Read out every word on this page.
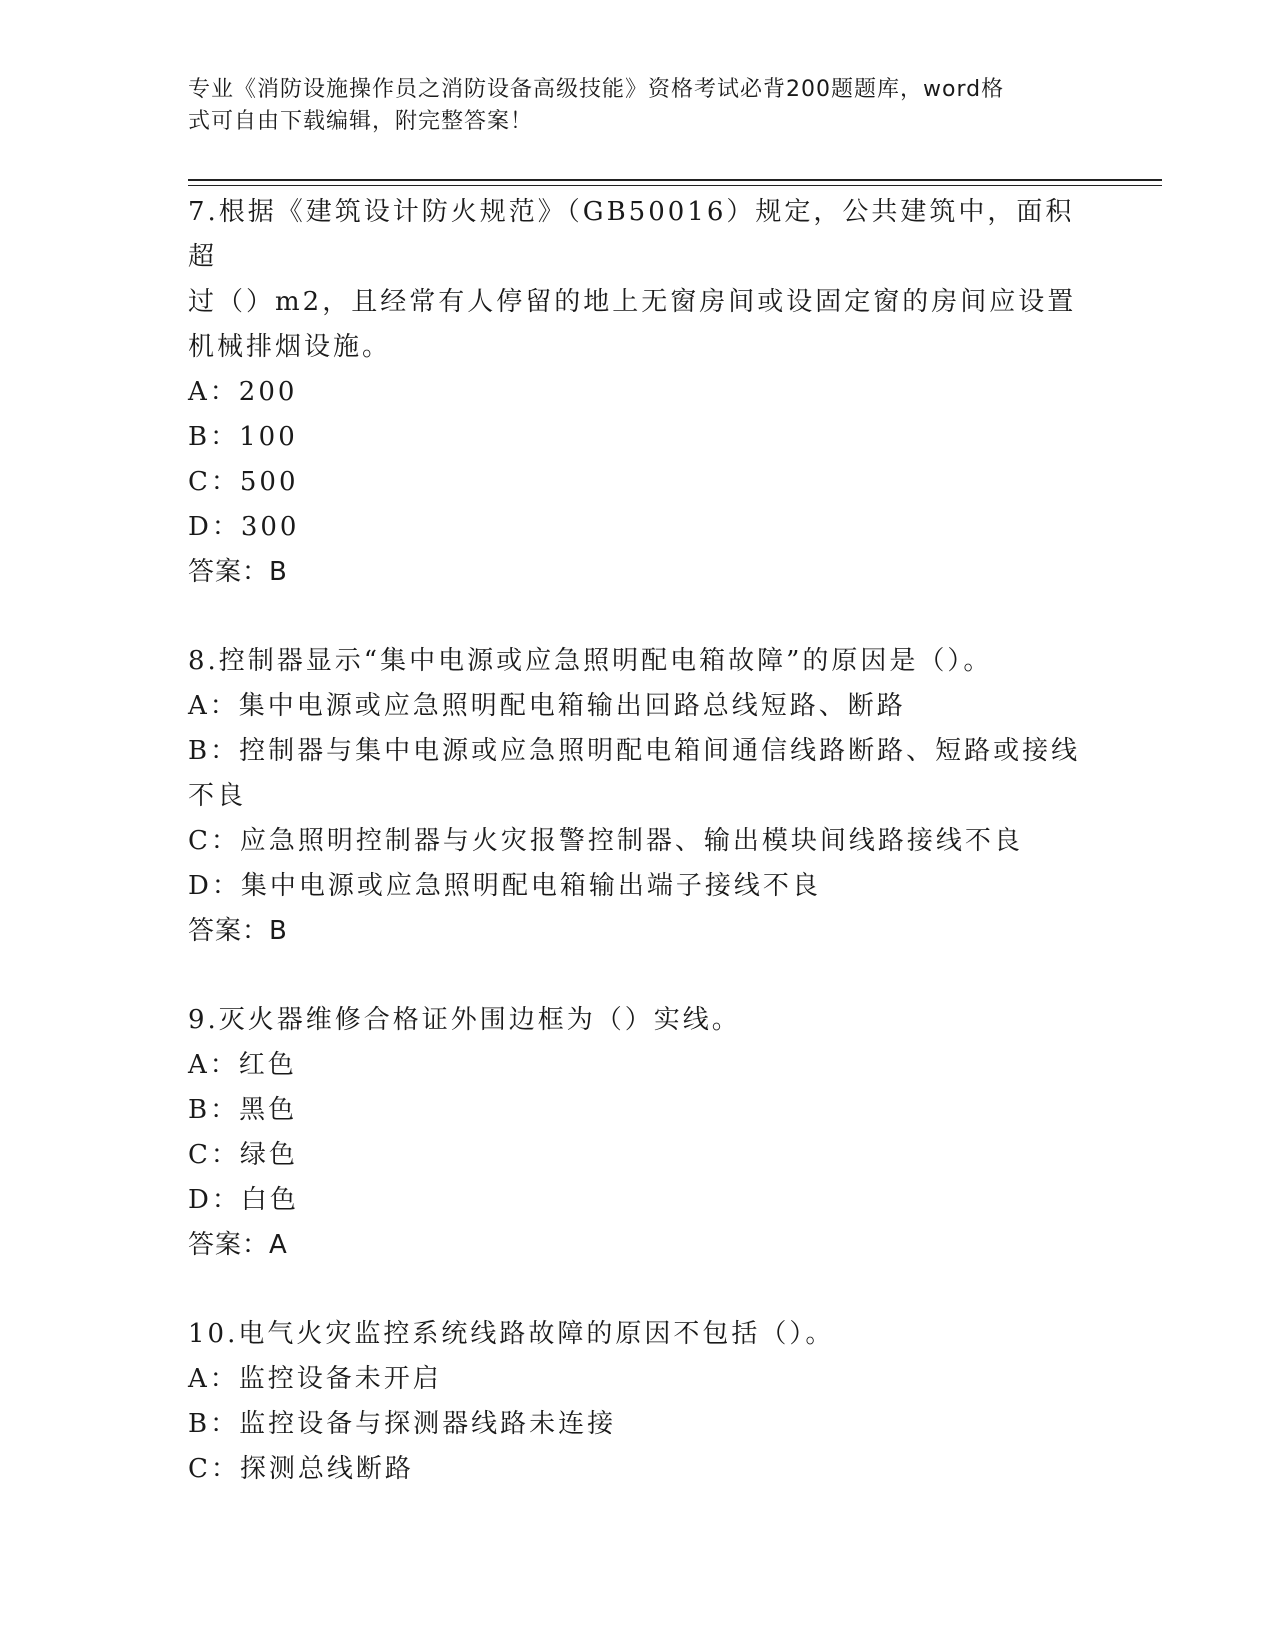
专业《消防设施操作员之消防设备高级技能》资格考试必背200题题库，word格
式可自由下载编辑，附完整答案！

7.根据《建筑设计防火规范》（GB50016）规定，公共建筑中，面积超

过（）m2，且经常有人停留的地上无窗房间或设固定窗的房间应设置

机械排烟设施。

A：200

B：100

C：500

D：300

答案：B

8.控制器显示“集中电源或应急照明配电箱故障”的原因是（）。

A：集中电源或应急照明配电箱输出回路总线短路、断路

B：控制器与集中电源或应急照明配电箱间通信线路断路、短路或接线

不良

C：应急照明控制器与火灾报警控制器、输出模块间线路接线不良

D：集中电源或应急照明配电箱输出端子接线不良

答案：B

9.灭火器维修合格证外围边框为（）实线。

A：红色

B：黑色

C：绿色

D：白色

答案：A

10.电气火灾监控系统线路故障的原因不包括（）。

A：监控设备未开启

B：监控设备与探测器线路未连接

C：探测总线断路
